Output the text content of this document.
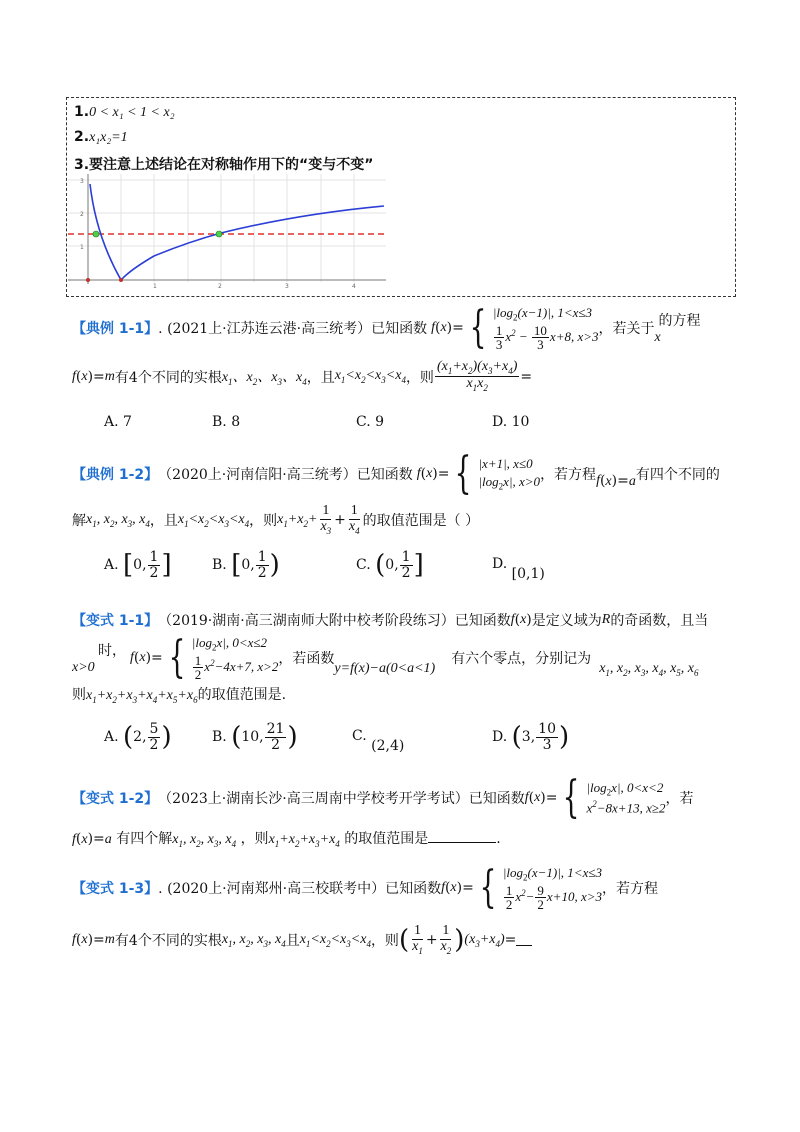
1.0 < x₁ < 1 < x₂
2.x₁x₂=1
3.要注意上述结论在对称轴作用下的“变与不变”
1	2	3	4
1
2
3
【典例 1-1】 . (2021上·江苏连云港·高三统考）已知函数 f ( x )= { $|\log_2(x-1)|$, 1<x≤3
$\frac{1}{3} x^2 - \frac{10}{3} x+8$, x>3 ，若关于 的方程
x
f ( x )= m 有4个不同的实根 $x_1$、$x_2$、$x_3$、$x_4$ ，且 $x_1<x_2<x_3<x_4$ ，则 $\frac{(x_1+x_2)(x_3+x_4)}{x_1x_2}$ =
A. 7	B. 8	C. 9	D. 10
【典例 1-2】 （2020上·河南信阳·高三统考）已知函数 f ( x )= { |x+1|, x≤0
$|\log_2x|$, x>0 ，若方程 f (x)=a 有四个不同的
解 $x_1$, $x_2$, $x_3$, $x_4$ ，且 $x_1<x_2<x_3<x_4$ ，则 $x_1+x_2+ \frac{1}{x_3} + \frac{1}{x_4}$ 的取值范围是（ ）
A. [0, $\frac{1}{2}$ ]	B. [0, $\frac{1}{2}$ )	C. (0, $\frac{1}{2}$ ]	D. [0,1)
【变式 1-1】 （2019·湖南·高三湖南师大附中校考阶段练习）已知函数 f ( x ) 是定义域为 R 的奇函数，且当
时，
x>0
f ( x )= { $|\log_2x|$, 0<x≤2
$\frac{1}{2} x^2-4x+7$, x>2 ，若函数
y=f(x)−a(0<a<1)
有六个零点，分别记为
$x_1$, $x_2$, $x_3$, $x_4$, $x_5$, $x_6$
则$x_1+x_2+x_3+x_4+x_5+x_6$的取值范围是.
A. (2, $\frac{5}{2}$ )	B. (10, $\frac{21}{2}$ )	C. (2,4)
D. (3, $\frac{10}{3}$ )
【变式 1-2】 （2023上·湖南长沙·高三周南中学校考开学考试）已知函数 f ( x )= { $|\log_2x|$, 0<x<2
$x^2-8x+13$, x≥2
，若
f(x)=a 有四个解$x_1$, $x_2$, $x_3$, $x_4$ ，则$x_1+x_2+x_3+x_4$ 的取值范围是	.
【变式 1-3】 . (2020上·河南郑州·高三校联考中）已知函数 f ( x )= { $|\log_2(x-1)|$, 1<x≤3
$\frac{1}{2} x^2- \frac{9}{2} x+10$, x>3 ，若方程
f ( x )= m 有4个不同的实根 $x_1$, $x_2$, $x_3$, $x_4$ 且 $x_1<x_2<x_3<x_4$ ，则 ( $\frac{1}{x_1} + \frac{1}{x_2}$ ) $(x_3+x_4)$ =
